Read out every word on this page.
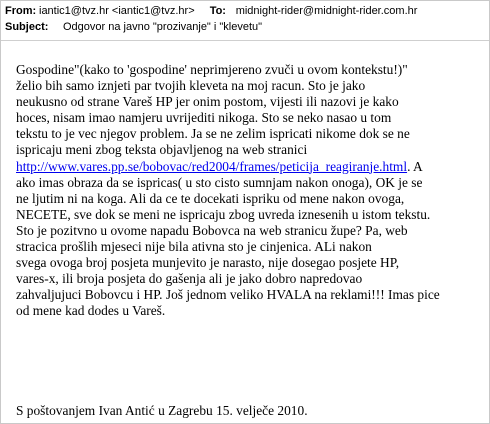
From: iantic1@tvz.hr <iantic1@tvz.hr> To: midnight-rider@midnight-rider.com.hr
Subject: Odgovor na javno "prozivanje" i "klevetu"
Gospodine"(kako to 'gospodine' neprimjereno zvuči u ovom kontekstu!)"
želio bih samo iznjeti par tvojih kleveta na moj racun. Sto je jako
neukusno od strane Vareš HP jer onim postom, vijesti ili nazovi je kako
hoces, nisam imao namjeru uvrijediti nikoga. Sto se neko nasao u tom
tekstu to je vec njegov problem. Ja se ne zelim ispricati nikome dok se ne
ispricaju meni zbog teksta objavljenog na web stranici
http://www.vares.pp.se/bobovac/red2004/frames/peticija_reagiranje.html. A
ako imas obraza da se ispricas( u sto cisto sumnjam nakon onoga), OK je se
ne ljutim ni na koga. Ali da ce te docekati ispriku od mene nakon ovoga,
NECETE, sve dok se meni ne ispricaju zbog uvreda iznesenih u istom tekstu.
Sto je pozitvno u ovome napadu Bobovca na web stranicu župe? Pa, web
stracica prošlih mjeseci nije bila ativna sto je cinjenica. ALi nakon
svega ovoga broj posjeta munjevito je narasto, nije dosegao posjete HP,
vares-x, ili broja posjeta do gašenja ali je jako dobro napredovao
zahvaljujuci Bobovcu i HP. Još jednom veliko HVALA na reklami!!! Imas pice
od mene kad dodes u Vareš.
S poštovanjem Ivan Antić u Zagrebu 15. velječe 2010.
